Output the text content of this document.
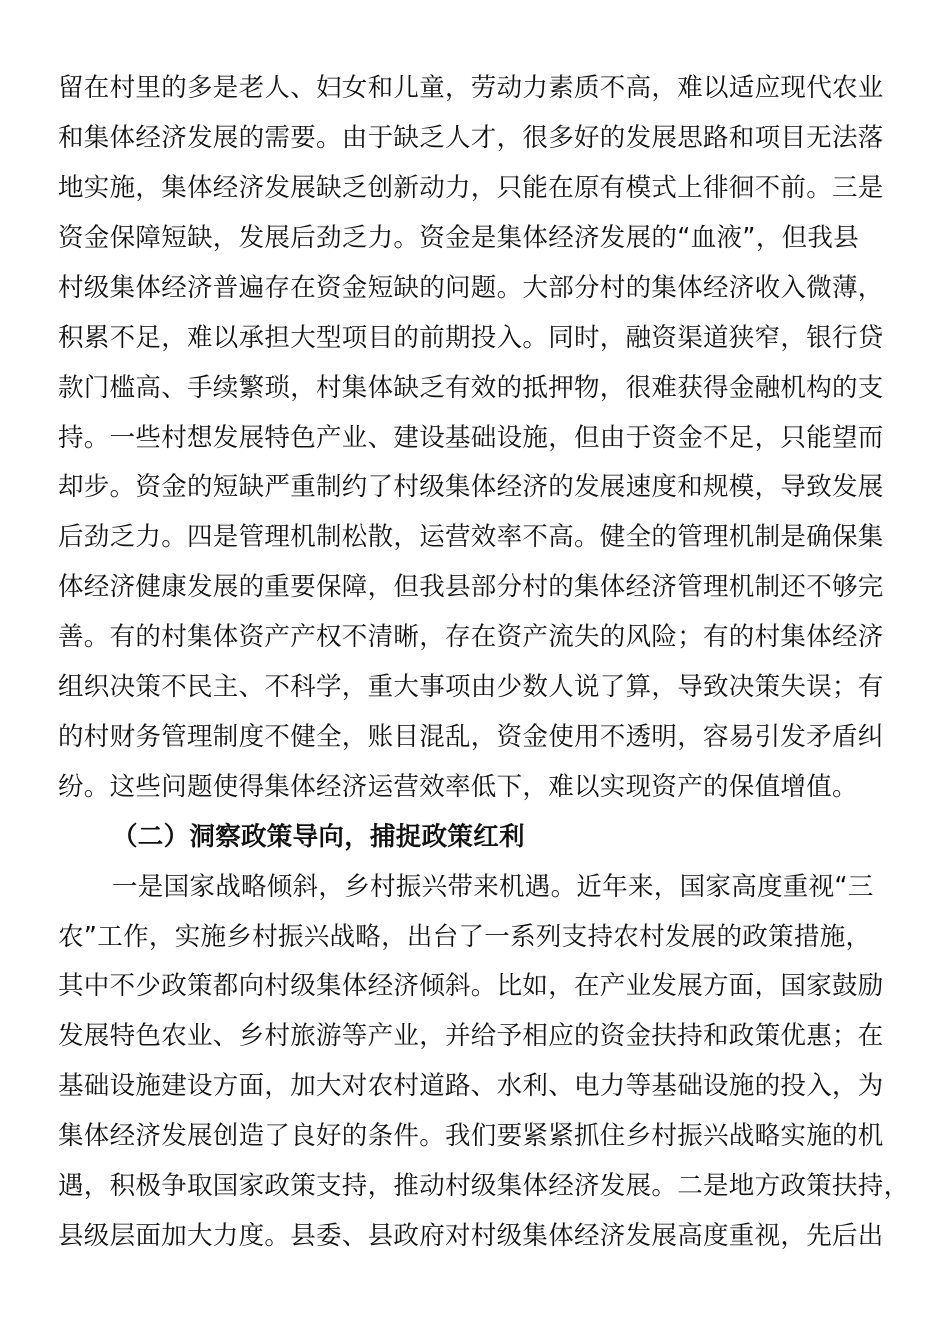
留在村里的多是老人、妇女和儿童，劳动力素质不高，难以适应现代农业
和集体经济发展的需要。由于缺乏人才，很多好的发展思路和项目无法落
地实施，集体经济发展缺乏创新动力，只能在原有模式上徘徊不前。三是
资金保障短缺，发展后劲乏力。资金是集体经济发展的“血液”，但我县
村级集体经济普遍存在资金短缺的问题。大部分村的集体经济收入微薄，
积累不足，难以承担大型项目的前期投入。同时，融资渠道狭窄，银行贷
款门槛高、手续繁琐，村集体缺乏有效的抵押物，很难获得金融机构的支
持。一些村想发展特色产业、建设基础设施，但由于资金不足，只能望而
却步。资金的短缺严重制约了村级集体经济的发展速度和规模，导致发展
后劲乏力。四是管理机制松散，运营效率不高。健全的管理机制是确保集
体经济健康发展的重要保障，但我县部分村的集体经济管理机制还不够完
善。有的村集体资产产权不清晰，存在资产流失的风险；有的村集体经济
组织决策不民主、不科学，重大事项由少数人说了算，导致决策失误；有
的村财务管理制度不健全，账目混乱，资金使用不透明，容易引发矛盾纠
纷。这些问题使得集体经济运营效率低下，难以实现资产的保值增值。
（二）洞察政策导向，捕捉政策红利
一是国家战略倾斜，乡村振兴带来机遇。近年来，国家高度重视“三
农”工作，实施乡村振兴战略，出台了一系列支持农村发展的政策措施，
其中不少政策都向村级集体经济倾斜。比如，在产业发展方面，国家鼓励
发展特色农业、乡村旅游等产业，并给予相应的资金扶持和政策优惠；在
基础设施建设方面，加大对农村道路、水利、电力等基础设施的投入，为
集体经济发展创造了良好的条件。我们要紧紧抓住乡村振兴战略实施的机
遇，积极争取国家政策支持，推动村级集体经济发展。二是地方政策扶持，
县级层面加大力度。县委、县政府对村级集体经济发展高度重视，先后出
